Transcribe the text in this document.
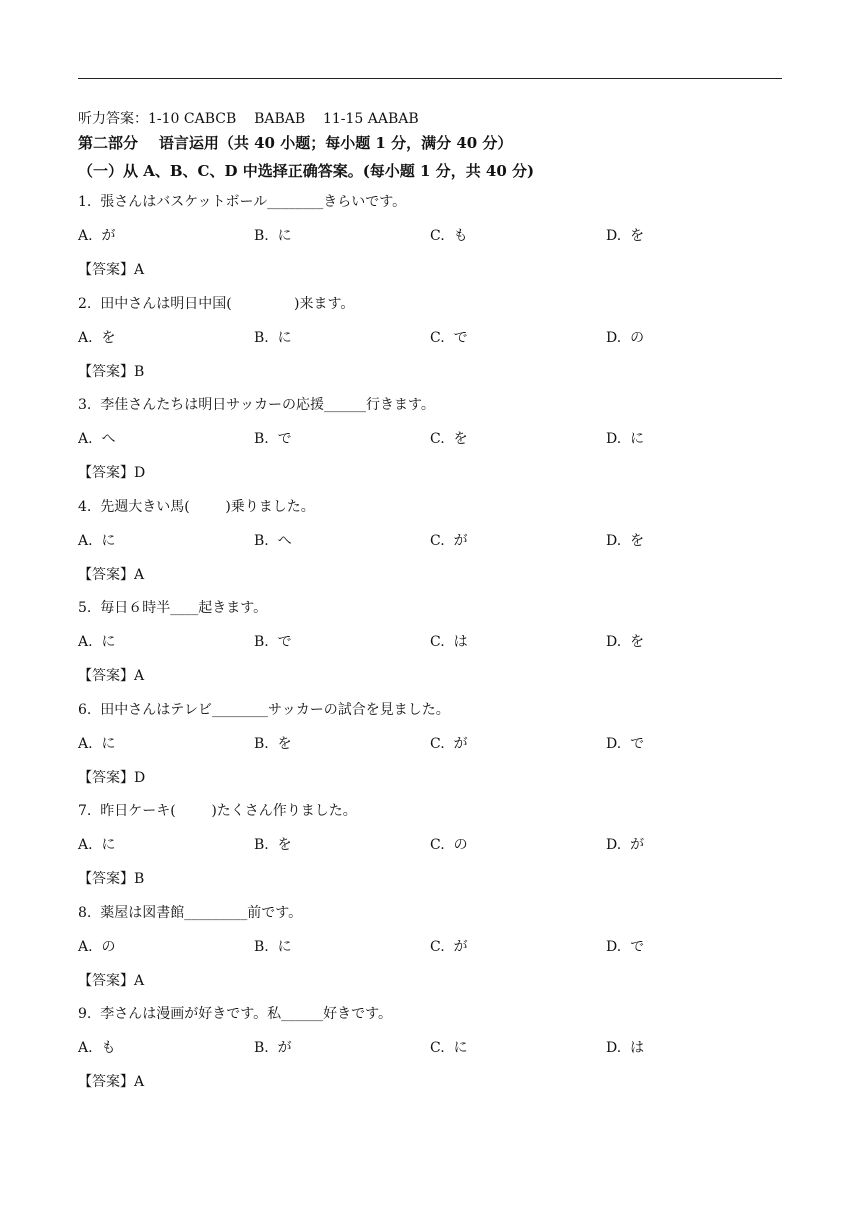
听力答案：1-10 CABCB    BABAB    11-15 AABAB
第二部分    语言运用（共 40 小题；每小题 1 分，满分 40 分）
（一）从 A、B、C、D 中选择正确答案。(每小题 1 分，共 40 分)
1.  張さんはバスケットボール________きらいです。
A.  が	B.  に	C.  も	D.  を
【答案】A
2.  田中さんは明日中国(              )来ます。
A.  を	B.  に	C.  で	D.  の
【答案】B
3.  李佳さんたちは明日サッカーの応援______行きます。
A.  へ	B.  で	C.  を	D.  に
【答案】D
4.  先週大きい馬(        )乗りました。
A.  に	B.  へ	C.  が	D.  を
【答案】A
5.  毎日６時半____起きます。
A.  に	B.  で	C.  は	D.  を
【答案】A
6.  田中さんはテレビ________サッカーの試合を見ました。
A.  に	B.  を	C.  が	D.  で
【答案】D
7.  昨日ケーキ(        )たくさん作りました。
A.  に	B.  を	C.  の	D.  が
【答案】B
8.  薬屋は図書館_________前です。
A.  の	B.  に	C.  が	D.  で
【答案】A
9.  李さんは漫画が好きです。私______好きです。
A.  も	B.  が	C.  に	D.  は
【答案】A
